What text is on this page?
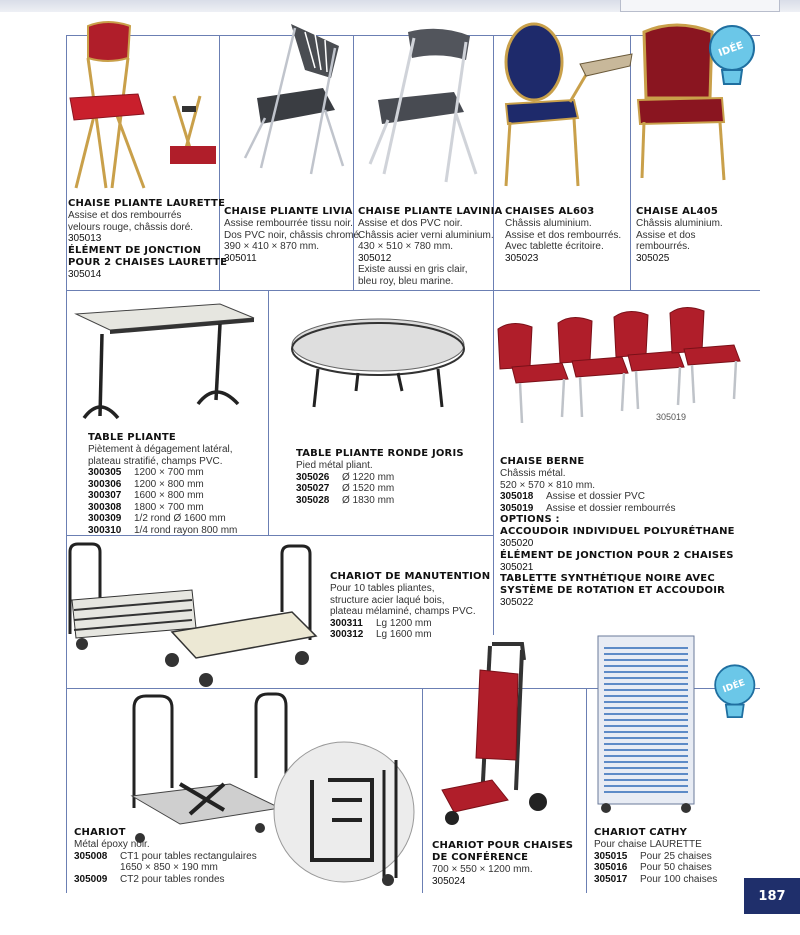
IDÉE
305019
IDÉE
CHAISE PLIANTE LAURETTE
Assise et dos rembourrés
velours rouge, châssis doré.
305013
ÉLÉMENT DE JONCTION
POUR 2 CHAISES LAURETTE
305014
CHAISE PLIANTE LIVIA
Assise rembourrée tissu noir.
Dos PVC noir, châssis chromé.
390 × 410 × 870 mm.
305011
CHAISE PLIANTE LAVINIA
Assise et dos PVC noir.
Châssis acier verni aluminium.
430 × 510 × 780 mm.
305012
Existe aussi en gris clair,
bleu roy, bleu marine.
CHAISES AL603
Châssis aluminium.
Assise et dos rembourrés.
Avec tablette écritoire.
305023
CHAISE AL405
Châssis aluminium.
Assise et dos
rembourrés.
305025
TABLE PLIANTE
Piètement à dégagement latéral,
plateau stratifié, champs PVC.
300305 1200 × 700 mm
300306 1200 × 800 mm
300307 1600 × 800 mm
300308 1800 × 700 mm
300309 1/2 rond Ø 1600 mm
300310 1/4 rond rayon 800 mm
TABLE PLIANTE RONDE JORIS
Pied métal pliant.
305026 Ø 1220 mm
305027 Ø 1520 mm
305028 Ø 1830 mm
CHAISE BERNE
Châssis métal.
520 × 570 × 810 mm.
305018 Assise et dossier PVC
305019 Assise et dossier rembourrés
OPTIONS :
ACCOUDOIR INDIVIDUEL POLYURÉTHANE
305020
ÉLÉMENT DE JONCTION POUR 2 CHAISES
305021
TABLETTE SYNTHÉTIQUE NOIRE AVEC
SYSTÈME DE ROTATION ET ACCOUDOIR
305022
CHARIOT DE MANUTENTION
Pour 10 tables pliantes,
structure acier laqué bois,
plateau mélaminé, champs PVC.
300311 Lg 1200 mm
300312 Lg 1600 mm
CHARIOT
Métal époxy noir.
305008 CT1 pour tables rectangulaires
1650 × 850 × 190 mm
305009 CT2 pour tables rondes
CHARIOT POUR CHAISES
DE CONFÉRENCE
700 × 550 × 1200 mm.
305024
CHARIOT CATHY
Pour chaise LAURETTE
305015 Pour 25 chaises
305016 Pour 50 chaises
305017 Pour 100 chaises
187
